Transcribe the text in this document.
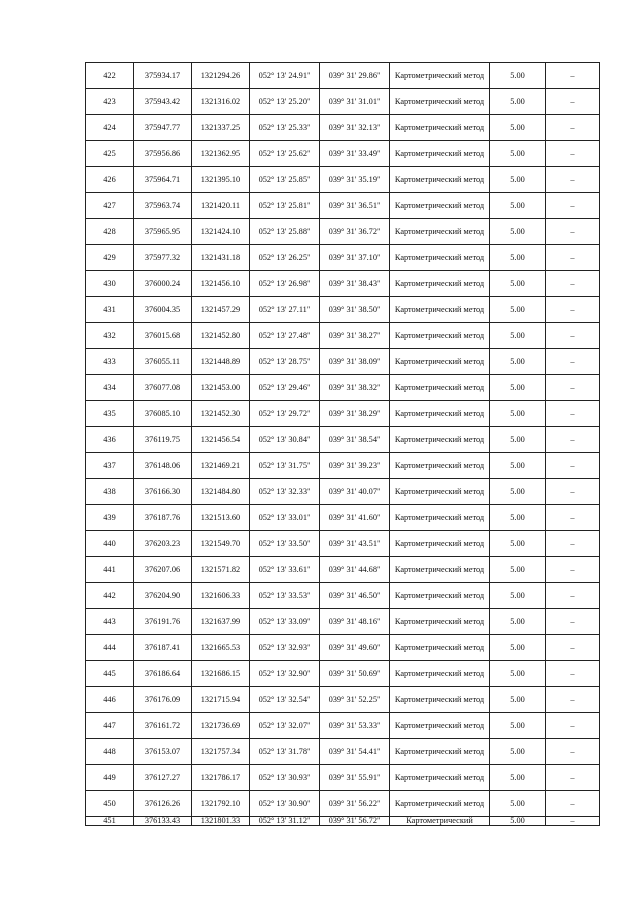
422	375934.17	1321294.26	052° 13' 24.91"	039° 31' 29.86"	Картометрический метод	5.00	–
423	375943.42	1321316.02	052° 13' 25.20"	039° 31' 31.01"	Картометрический метод	5.00	–
424	375947.77	1321337.25	052° 13' 25.33"	039° 31' 32.13"	Картометрический метод	5.00	–
425	375956.86	1321362.95	052° 13' 25.62"	039° 31' 33.49"	Картометрический метод	5.00	–
426	375964.71	1321395.10	052° 13' 25.85"	039° 31' 35.19"	Картометрический метод	5.00	–
427	375963.74	1321420.11	052° 13' 25.81"	039° 31' 36.51"	Картометрический метод	5.00	–
428	375965.95	1321424.10	052° 13' 25.88"	039° 31' 36.72"	Картометрический метод	5.00	–
429	375977.32	1321431.18	052° 13' 26.25"	039° 31' 37.10"	Картометрический метод	5.00	–
430	376000.24	1321456.10	052° 13' 26.98"	039° 31' 38.43"	Картометрический метод	5.00	–
431	376004.35	1321457.29	052° 13' 27.11"	039° 31' 38.50"	Картометрический метод	5.00	–
432	376015.68	1321452.80	052° 13' 27.48"	039° 31' 38.27"	Картометрический метод	5.00	–
433	376055.11	1321448.89	052° 13' 28.75"	039° 31' 38.09"	Картометрический метод	5.00	–
434	376077.08	1321453.00	052° 13' 29.46"	039° 31' 38.32"	Картометрический метод	5.00	–
435	376085.10	1321452.30	052° 13' 29.72"	039° 31' 38.29"	Картометрический метод	5.00	–
436	376119.75	1321456.54	052° 13' 30.84"	039° 31' 38.54"	Картометрический метод	5.00	–
437	376148.06	1321469.21	052° 13' 31.75"	039° 31' 39.23"	Картометрический метод	5.00	–
438	376166.30	1321484.80	052° 13' 32.33"	039° 31' 40.07"	Картометрический метод	5.00	–
439	376187.76	1321513.60	052° 13' 33.01"	039° 31' 41.60"	Картометрический метод	5.00	–
440	376203.23	1321549.70	052° 13' 33.50"	039° 31' 43.51"	Картометрический метод	5.00	–
441	376207.06	1321571.82	052° 13' 33.61"	039° 31' 44.68"	Картометрический метод	5.00	–
442	376204.90	1321606.33	052° 13' 33.53"	039° 31' 46.50"	Картометрический метод	5.00	–
443	376191.76	1321637.99	052° 13' 33.09"	039° 31' 48.16"	Картометрический метод	5.00	–
444	376187.41	1321665.53	052° 13' 32.93"	039° 31' 49.60"	Картометрический метод	5.00	–
445	376186.64	1321686.15	052° 13' 32.90"	039° 31' 50.69"	Картометрический метод	5.00	–
446	376176.09	1321715.94	052° 13' 32.54"	039° 31' 52.25"	Картометрический метод	5.00	–
447	376161.72	1321736.69	052° 13' 32.07"	039° 31' 53.33"	Картометрический метод	5.00	–
448	376153.07	1321757.34	052° 13' 31.78"	039° 31' 54.41"	Картометрический метод	5.00	–
449	376127.27	1321786.17	052° 13' 30.93"	039° 31' 55.91"	Картометрический метод	5.00	–
450	376126.26	1321792.10	052° 13' 30.90"	039° 31' 56.22"	Картометрический метод	5.00	–
451	376133.43	1321801.33	052° 13' 31.12"	039° 31' 56.72"	Картометрический	5.00	–
